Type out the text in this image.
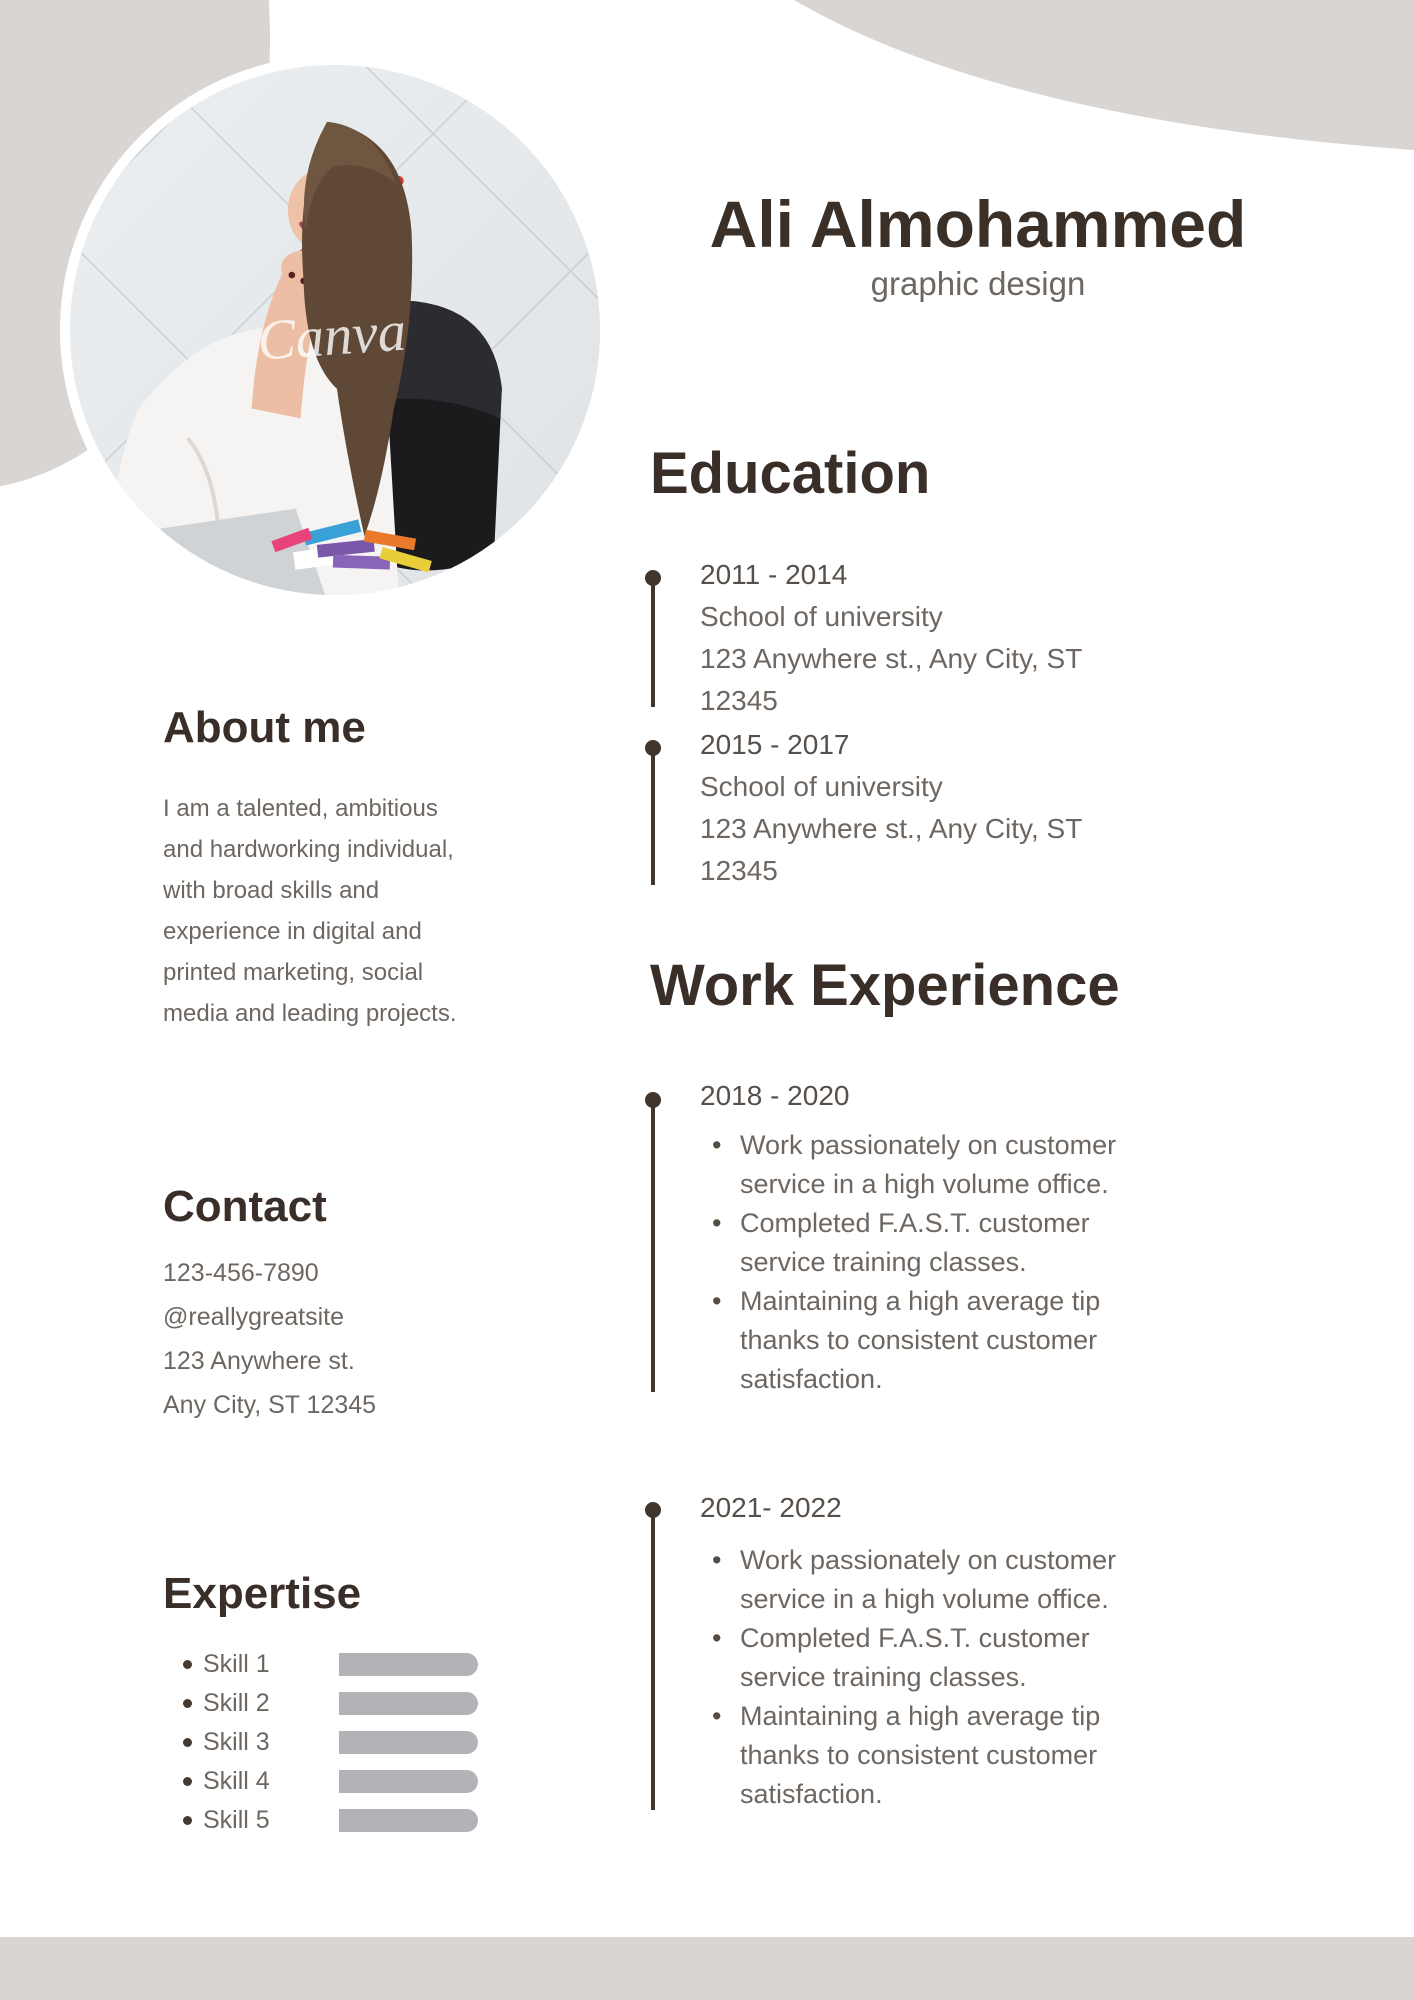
Canva
Ali Almohammed
graphic design
About me
I am a talented, ambitious and hardworking individual, with broad skills and experience in digital and printed marketing, social media and leading projects.
Contact
123-456-7890
@reallygreatsite
123 Anywhere st.
Any City, ST 12345
Expertise
Skill 1
Skill 2
Skill 3
Skill 4
Skill 5
Education
2011 - 2014
School of university
123 Anywhere st., Any City, ST 12345
2015 - 2017
School of university
123 Anywhere st., Any City, ST 12345
Work Experience
2018 - 2020
• Work passionately on customer service in a high volume office.
• Completed F.A.S.T. customer service training classes.
• Maintaining a high average tip thanks to consistent customer satisfaction.
2021- 2022
• Work passionately on customer service in a high volume office.
• Completed F.A.S.T. customer service training classes.
• Maintaining a high average tip thanks to consistent customer satisfaction.
